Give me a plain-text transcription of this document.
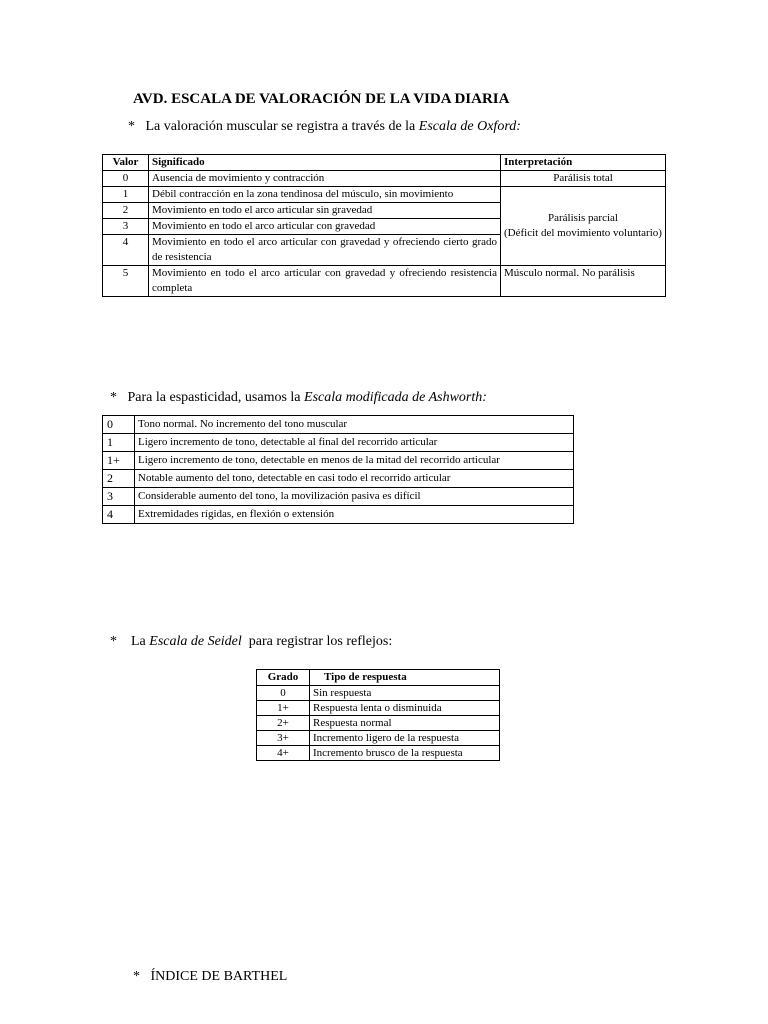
AVD. ESCALA DE VALORACIÓN DE LA VIDA DIARIA
* La valoración muscular se registra a través de la Escala de Oxford:
Valor	Significado	Interpretación
0	Ausencia de movimiento y contracción	Parálisis total
1	Débil contracción en la zona tendinosa del músculo, sin movimiento	Parálisis parcial
(Déficit del movimiento voluntario)

2	Movimiento en todo el arco articular sin gravedad	
3	Movimiento en todo el arco articular con gravedad	
4	Movimiento en todo el arco articular con gravedad y ofreciendo cierto grado de resistencia	
5	Movimiento en todo el arco articular con gravedad y ofreciendo resistencia completa	Músculo normal. No parálisis
* Para la espasticidad, usamos la Escala modificada de Ashworth:
0	Tono normal. No incremento del tono muscular
1	Ligero incremento de tono, detectable al final del recorrido articular
1+	Ligero incremento de tono, detectable en menos de la mitad del recorrido articular
2	Notable aumento del tono, detectable en casi todo el recorrido articular
3	Considerable aumento del tono, la movilización pasiva es difícil
4	Extremidades rígidas, en flexión o extensión
* La Escala de Seidel  para registrar los reflejos:
Grado	Tipo de respuesta
0	Sin respuesta
1+	Respuesta lenta o disminuida
2+	Respuesta normal
3+	Incremento ligero de la respuesta
4+	Incremento brusco de la respuesta
* ÍNDICE DE BARTHEL
